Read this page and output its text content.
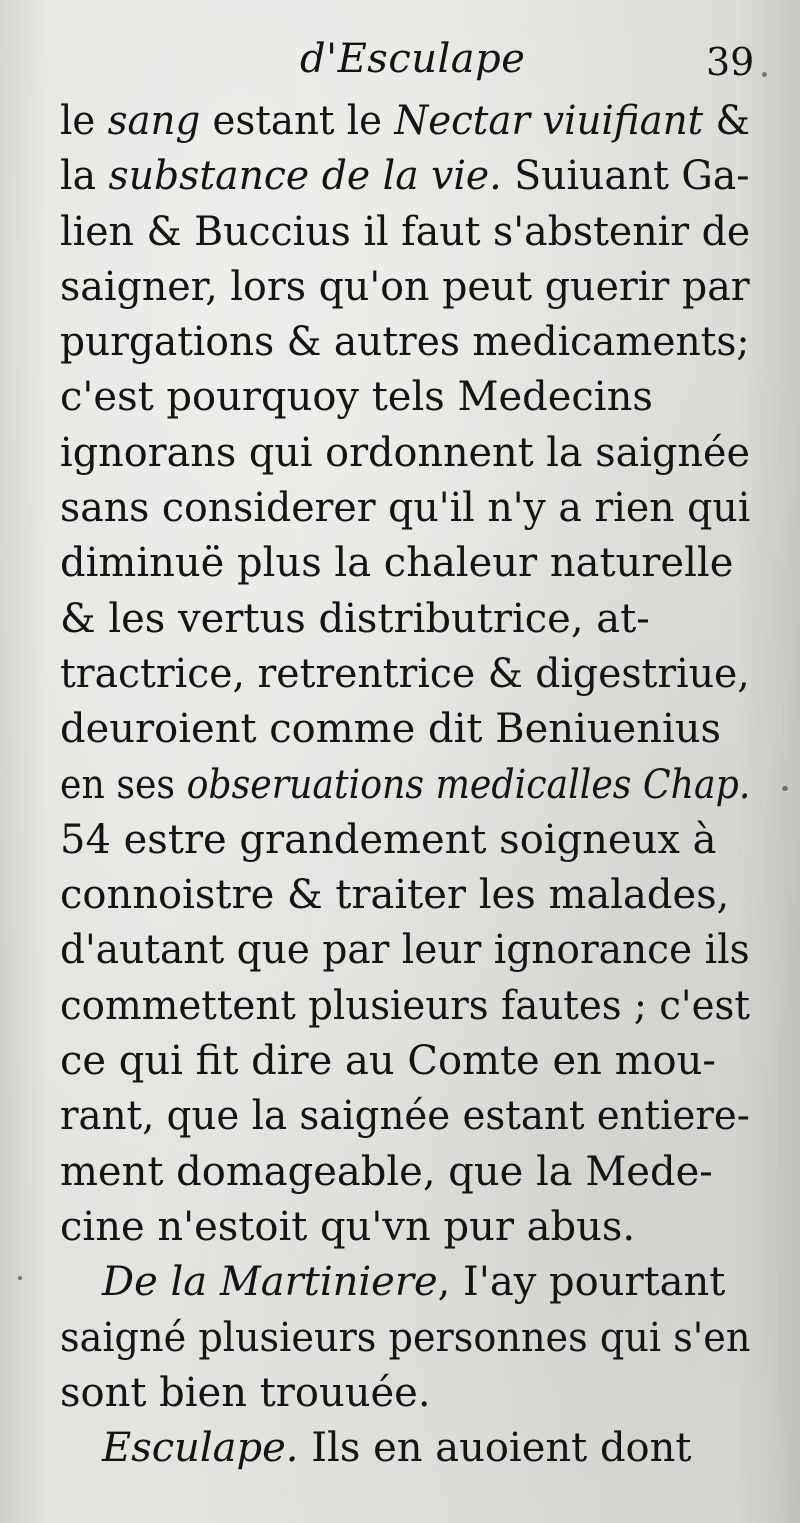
d'Esculape	39
le sang estant le Nectar viuifiant &
la substance de la vie. Suiuant Ga-
lien & Buccius il faut s'abstenir de
saigner, lors qu'on peut guerir par
purgations & autres medicaments;
c'est pourquoy tels Medecins
ignorans qui ordonnent la saignée
sans considerer qu'il n'y a rien qui
diminuë plus la chaleur naturelle
& les vertus distributrice, at-
tractrice, retrentrice & digestriue,
deuroient comme dit Beniuenius
en ses obseruations medicalles Chap.
54 estre grandement soigneux à
connoistre & traiter les malades,
d'autant que par leur ignorance ils
commettent plusieurs fautes ; c'est
ce qui fit dire au Comte en mou-
rant, que la saignée estant entiere-
ment domageable, que la Mede-
cine n'estoit qu'vn pur abus.
De la Martiniere, I'ay pourtant
saigné plusieurs personnes qui s'en
sont bien trouuée.
Esculape. Ils en auoient dont
